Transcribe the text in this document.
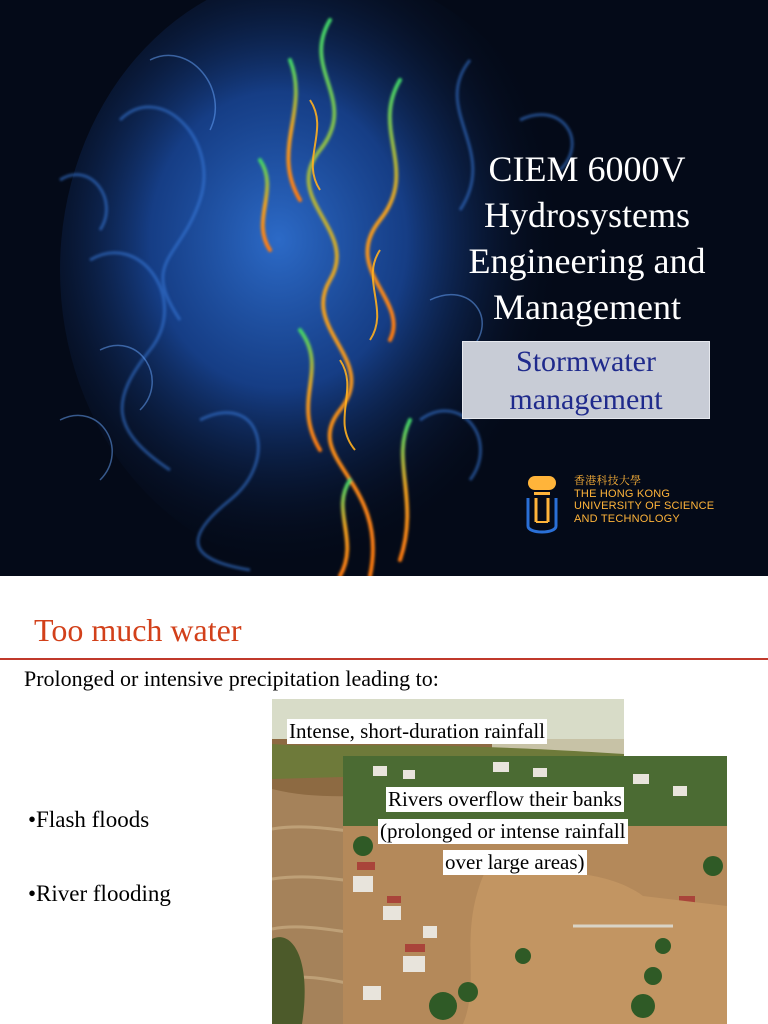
CIEM 6000V
Hydrosystems
Engineering and
Management
Stormwater
management
香港科技大學
THE HONG KONG
UNIVERSITY OF SCIENCE
AND TECHNOLOGY
Too much water
Prolonged or intensive precipitation leading to:
•Flash floods
•River flooding
Intense, short-duration rainfall
Rivers overflow their banks
(prolonged or intense rainfall
over large areas)
